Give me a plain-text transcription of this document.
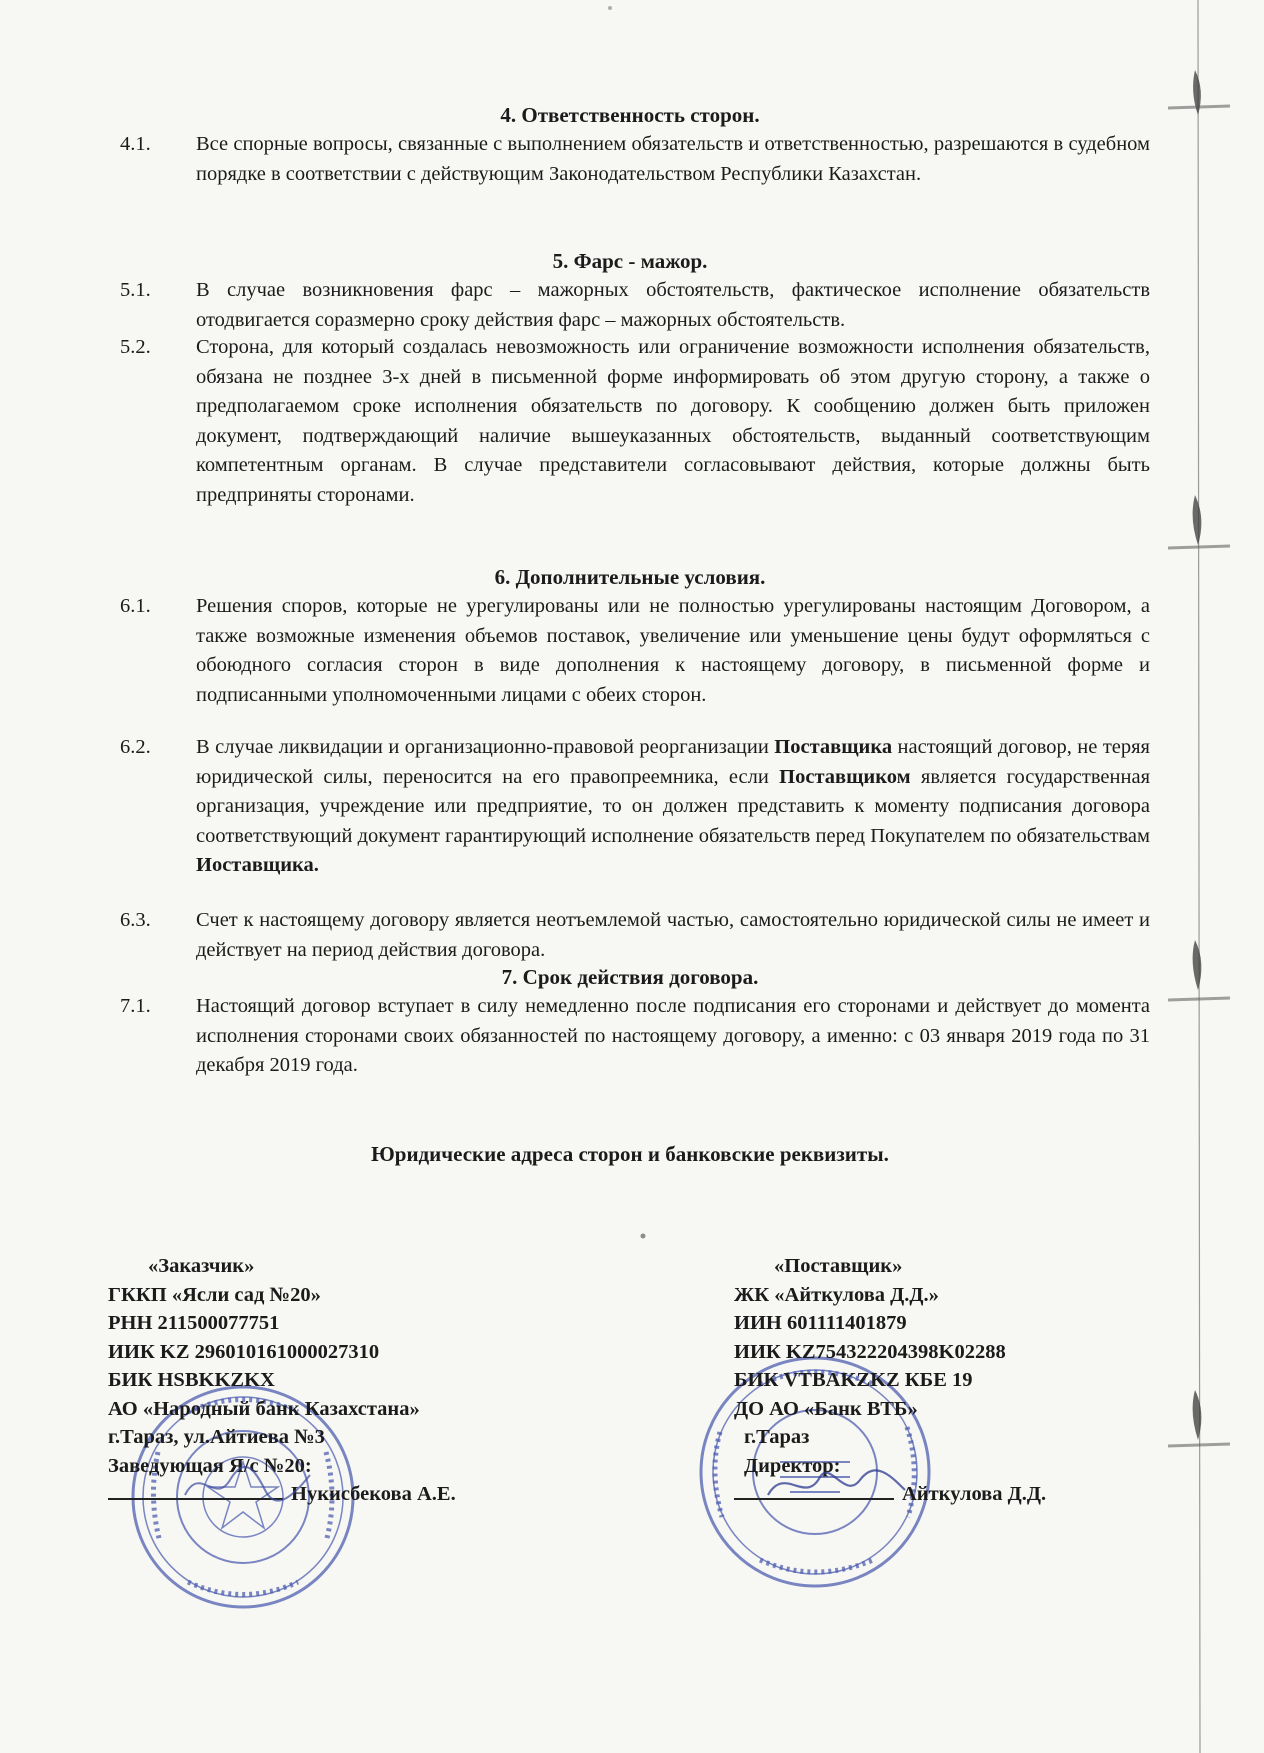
4. Ответственность сторон.
4.1. Все спорные вопросы, связанные с выполнением обязательств и ответственностью, разрешаются в судебном порядке в соответствии с действующим Законодательством Республики Казахстан.

5. Фарс - мажор.
5.1. В случае возникновения фарс – мажорных обстоятельств, фактическое исполнение обязательств отодвигается соразмерно сроку действия фарс – мажорных обстоятельств.

5.2. Сторона, для который создалась невозможность или ограничение возможности исполнения обязательств, обязана не позднее 3-х дней в письменной форме информировать об этом другую сторону, а также о предполагаемом сроке исполнения обязательств по договору. К сообщению должен быть приложен документ, подтверждающий наличие вышеуказанных обстоятельств, выданный соответствующим компетентным органам. В случае представители согласовывают действия, которые должны быть предприняты сторонами.

6. Дополнительные условия.
6.1. Решения споров, которые не урегулированы или не полностью урегулированы настоящим Договором, а также возможные изменения объемов поставок, увеличение или уменьшение цены будут оформляться с обоюдного согласия сторон в виде дополнения к настоящему договору, в письменной форме и подписанными уполномоченными лицами с обеих сторон.

6.2. В случае ликвидации и организационно-правовой реорганизации Поставщика настоящий договор, не теряя юридической силы, переносится на его правопреемника, если Поставщиком является государственная организация, учреждение или предприятие, то он должен представить к моменту подписания договора соответствующий документ гарантирующий исполнение обязательств перед Покупателем по обязательствам Иоставщика.

6.3. Счет к настоящему договору является неотъемлемой частью, самостоятельно юридической силы не имеет и действует на период действия договора.

7. Срок действия договора.
7.1. Настоящий договор вступает в силу немедленно после подписания его сторонами и действует до момента исполнения сторонами своих обязанностей по настоящему договору, а именно: с 03 января 2019 года по 31 декабря 2019 года.

Юридические адреса сторон и банковские реквизиты.
«Заказчик»
ГККП «Ясли сад №20»
РНН 211500077751
ИИК KZ 296010161000027310
БИК HSBKKZKX
АО «Народный банк Казахстана»
г.Тараз, ул.Айтиева №3
Заведующая Я/с №20:
Нукисбекова А.Е.
«Поставщик»
ЖК «Айткулова Д.Д.»
ИИН 601111401879
ИИК KZ754322204398K02288
БИК VTBAKZKZ КБЕ 19
ДО АО «Банк ВТБ»
г.Тараз
Директор:
Айткулова Д.Д.
